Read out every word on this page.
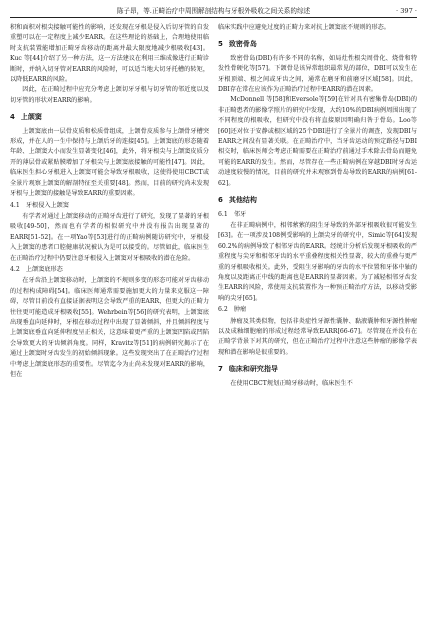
陈子昂，等.正畸治疗中周围解剖结构与牙根外吸收之间关系的综述	· 397 ·

积和面积对根尖接触可能性的影响，还发现在牙根是侵入后切牙管的自发重塑可以在一定程度上减少EARR。在这些理论的基础上，合理地使用临时支抗装置能增加正畸牙齿移动的距离并最大限度地减少根吸收[43]。Kuc 等[44]介绍了另一种方法，这一方法建议在利用三维成像进行正畸诊断时，并纳入切牙管对EARR的风险时，可以适当地大切牙托槽的转矩，以降低EARR的风险。

因此，在正畸过程中应充分考虑上颌切牙牙根与切牙管的邻近度以及切牙管的形状对EARR的影响。

4 上颌窦

上颌窦底由一层骨皮质和松质骨组成，上颌骨皮质参与上颌骨牙槽突形成，并在人的一生中保持与上颌后牙的连接[45]。上颌窦底的形态随着年龄、上颌窦大小而发生显著变化[46]，此外，将牙根尖与上颌窦皮质分开的薄层骨或紧贴膜增加了牙根尖与上颌窦底接触的可能性[47]。因此，临床医生担心牙根进入上颌窦可能会导致牙根吸收，这使得使用CBCT或全景片观察上颌窦的解剖特征至关重要[48]。然而，目前的研究尚未发现牙根与上颌窦的接触是导致EARR的重要因素。

4.1　牙根侵入上颌窦

有学者对通过上颌窦移动的正畸牙齿进行了研究，发现了显著的牙根吸收[49-50]，然而也有学者的相似研究中并没有报告出现显著的EARR[51-52]。在一项Yao等[53]进行的正畸病例随访研究中，牙根侵入上颌窦的患者口腔健康状况被认为是可以接受的。尽管如此，临床医生在正畸治疗过程中仍要注意牙根侵入上颌窦对牙根吸收的潜在危险。

4.2　上颌窦底形态

在牙齿沿上颌窦移动时，上颌窦的不规则多变的形态可能对牙齿移动的过程构成障碍[54]。临床医师通常需要施加更大的力量来克服这一障碍，尽管目前没有直接证据表明这会导致严重的EARR，但更大的正畸力往往更可能造成牙根吸收[55]。Wehrbein等[56]的研究表明，上颌窦底出现垂直向延伸时，牙根在移动过程中出现了显著倾斜，并且倾斜程度与上颌窦底垂直向延伸程度呈正相关，这意味着更严重的上颌窦凹陷或凹陷会导致更大的牙齿倾斜角度。同样，Kravitz等[51]的病例研究揭示了在通过上颌窦时牙齿发生的初始倾斜现象。这些发现突出了在正畸治疗过程中考虑上颌窦底形态的重要性。尽管迄今为止尚未发现对EARR的影响，但在

临床实践中应避免过度的正畸力来对抗上颌窦底不规则的形态。

5 致密骨岛

致密骨岛(DBI)有许多不同的名称，如局灶性根尖周骨化、烧骨和特发性骨硬化等[57]。下颌骨是该异常组织最常见的部位，DBI可以发生在牙根顶端、根之间或牙齿之间，通常在磨牙和前磨牙区域[58]。因此，DBI存在常在应该作为正畸治疗过程中EARR的潜在因素。

McDonnell 等[58]和Eversole等[59]在针对具有密集骨岛(DBI)的非正畸患者的影像学照片的研究中发现，大约10%的DBI病例周围出现了不同程度的根吸收，但研究中没有将直接原因明确归咎于骨岛。Loo等[60]还对位于安静或根区域的25个DBI进行了全景片的调查，发现DBI与EARR之间没有显著关联。在正畸治疗中，当牙齿运动的预定路径与DBI相交时，临床医师会考虑正畸需要在正畸治疗前通过手术除去骨岛而避免可能的EARR的发生。然而，尽管存在一些正畸病例在穿越DBI时牙齿运动速度较慢的情况，目前的研究并未观察到骨岛导致的EARR的病例[61-62]。

6 其他结构
6.1　邻牙

在非正畸病例中，相邻萦萦的阻生牙导致的外部牙根吸收很可能发生[63]。在一项涉及108例受影响的上颌尖牙的研究中，Simic等[64]发现60.2%的病例导致了相邻牙齿的EARR。经统计分析后发现牙根吸收的严重程度与尖牙和相邻牙齿的水平重叠程度相关性显著，较大的重叠与更严重的牙根吸收相关。此外，受阻生牙影响的牙齿的水平位置和牙体中轴的角度以及距离正中线的距离也是EARR的显著因素。为了减轻相邻牙齿发生EARR的风险，常使用支抗装置作为一种预正畸治疗方法，以移动受影响的尖牙[65]。

6.2　肿瘤

肿瘤及其类似物，包括非炎症性牙源性囊肿、黏液囊肿和牙源性肿瘤以及成釉细胞瘤的形成过程经常导致EARR[66-67]。尽管现在并没有在正畸学背景下对其的研究，但在正畸治疗过程中注意这些肿瘤的影像学表现和潜在影响是很重要的。

7 临床和研究指导

在使用CBCT规划正畸牙移动时，临床医生不
